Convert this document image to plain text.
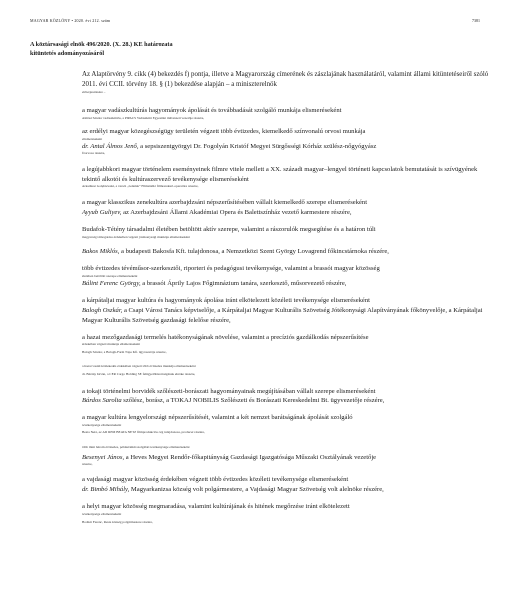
MAGYAR KÖZLÖNY • 2020. évi 212. szám	7381
A köztársasági elnök 496/2020. (X. 28.) KE határozata
kitüntetés adományozásáról
Az Alaptörvény 9. cikk (4) bekezdés f) pontja, illetve a Magyarország címerének és zászlajának használatáról, valamint állami kitüntetéseiről szóló 2011. évi CCII. törvény 18. § (1) bekezdése alapján – a miniszterelnök
előterjesztésére –
a magyar vadászkultúrás hagyományok ápolását és továbbadását szolgáló munkája elismeréseként
Almási Sándor vadászkürtös, a PIPACS Vadászkürt Egyesület művészeti vezetője részére,
az erdélyi magyar közegészségügy területén végzett több évtizedes, kiemelkedő színvonalú orvosi munkája
elismeréseként
dr. Antal Álmos Jenő, a sepsiszentgyörgyi Dr. Fogolyán Kristóf Megyei Sürgősségi Kórház szülész-nőgyógyász
főorvosa részére,
a legújabbkori magyar történelem eseményeinek filmre vitele mellett a XX. századi magyar–lengyel történeti kapcsolatok bemutatását is szívügyének tekintő alkotói és kultúraszervező tevékenysége elismeréseként
Arkadiusz Gołębiewski, a varsói „Gdańsk” Filmstúdió filmrendező-operatőre részére,
a magyar klasszikus zenekultúra azerbajdzsáni népszerűsítésében vállalt kiemelkedő szerepe elismeréseként
Ayyub Guliyev, az Azerbajdzsáni Állami Akadémiai Opera és Balettszínház vezető karmestere részére,
Budafok-Tétény társadalmi életében betöltött aktív szerepe, valamint a rászorulók megsegítése és a határon túli
magyarság támogatása érdekében végzett jótékonysági munkája elismeréseként
Bakos Miklós, a budapesti Bakosfa Kft. tulajdonosa, a Nemzetközi Szent György Lovagrend főkincstárnoka részére,
több évtizedes tévéműsor-szerkesztői, riporteri és pedagógusi tevékenysége, valamint a brassói magyar közösség
életében betöltött szerepe elismeréseként
Bálint Ferenc György, a brassói Áprily Lajos Főgimnázium tanára, szerkesztő, műsorvezető részére,
a kárpátaljai magyar kultúra és hagyományok ápolása iránt elkötelezett közéleti tevékenysége elismeréseként
Balogh Oszkár, a Csapi Városi Tanács képviselője, a Kárpátaljai Magyar Kulturális Szövetség Jótékonysági Alapítványának főkönyvelője, a Kárpátaljai Magyar Kulturális Szövetség gazdasági felelőse részére,
a hazai mezőgazdasági termelés hatékonyságának növelése, valamint a precíziós gazdálkodás népszerűsítése
érdekében végzett munkája elismeréseként
Balogh Sándor, a Balogh-Farm Tápa Kft. ügyvezetője részére,
a hazai vasúti közlekedés érdekében végzett több évtizedes munkája elismeréseként
dr. Bárány István, a CER Cargo Holding SE felügyelőbizottságának elnöke részére,
a tokaji történelmi borvidék szőlészeti-borászati hagyományainak megújításában vállalt szerepe elismeréseként
Bárdos Sarolta szőlész, borász, a TOKAJ NOBILIS Szőlészeti és Borászati Kereskedelmi Bt. ügyvezetője részére,
a magyar kultúra lengyelországi népszerűsítését, valamint a két nemzet barátságának ápolását szolgáló
tevékenysége elismeréseként
Beata Netz, az AD REM BEATA NETZ filmprodukciós cég tulajdonosa, producer részére,
több mint három évtizedes, példaértékű szolgálati tevékenysége elismeréseként
Besenyei János, a Heves Megyei Rendőr-főkapitányság Gazdasági Igazgatósága Műszaki Osztályának vezetője
részére,
a vajdasági magyar közösség érdekében végzett több évtizedes közéleti tevékenysége elismeréseként
dr. Bimbó Mihály, Magyarkanizsa község volt polgármestere, a Vajdasági Magyar Szövetség volt alelnöke részére,
a helyi magyar közösség megmaradása, valamint kultúrájának és hitének megőrzése iránt elkötelezett
tevékenysége elismeréseként
Bodnár Ferenc, Reste község polgármestere részére,
